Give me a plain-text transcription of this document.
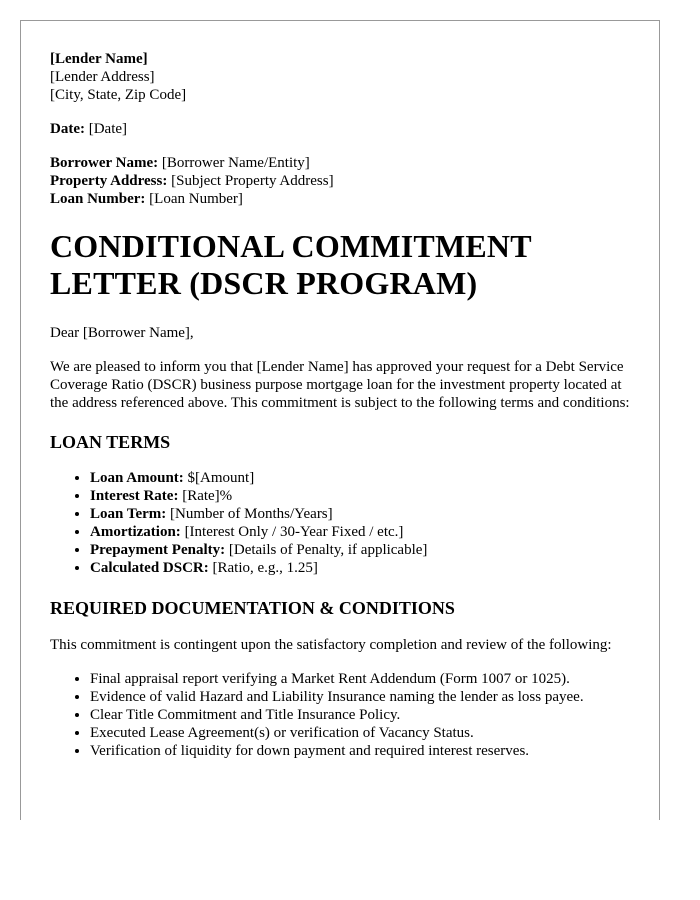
[Lender Name]
[Lender Address]
[City, State, Zip Code]
Date: [Date]
Borrower Name: [Borrower Name/Entity]
Property Address: [Subject Property Address]
Loan Number: [Loan Number]
CONDITIONAL COMMITMENT LETTER (DSCR PROGRAM)

Dear [Borrower Name],

We are pleased to inform you that [Lender Name] has approved your request for a Debt Service Coverage Ratio (DSCR) business purpose mortgage loan for the investment property located at the address referenced above. This commitment is subject to the following terms and conditions:

LOAN TERMS
• Loan Amount: $[Amount]
• Interest Rate: [Rate]%
• Loan Term: [Number of Months/Years]
• Amortization: [Interest Only / 30-Year Fixed / etc.]
• Prepayment Penalty: [Details of Penalty, if applicable]
• Calculated DSCR: [Ratio, e.g., 1.25]
REQUIRED DOCUMENTATION & CONDITIONS

This commitment is contingent upon the satisfactory completion and review of the following:

• Final appraisal report verifying a Market Rent Addendum (Form 1007 or 1025).
• Evidence of valid Hazard and Liability Insurance naming the lender as loss payee.
• Clear Title Commitment and Title Insurance Policy.
• Executed Lease Agreement(s) or verification of Vacancy Status.
• Verification of liquidity for down payment and required interest reserves.
